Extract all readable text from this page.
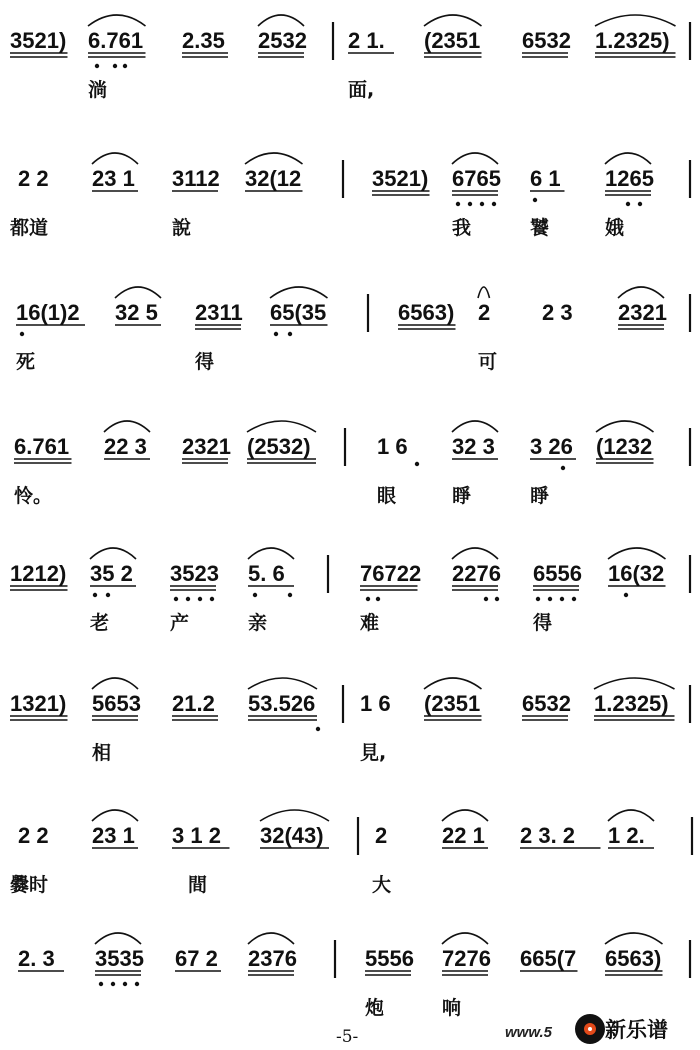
3521) 6.761 2.35 2532 2 1. (2351 6532 1.2325)
淌	面,
2 2 23 1 3112 32(12	3521) 6765 6 1 1265
都道	說	我	饕	娥
16(1)2 32 5 2311 65(35	6563) 2 2 3 2321
死	得	可
6.761 22 3 2321 (2532)	1 6 32 3 3 26 (1232
怜。	眼	睜	睜
1212) 35 2 3523 5. 6	76722 2276 6556 16(32
老	产	亲	难	得
1321) 5653 21.2 53.526 1 6 (2351 6532 1.2325)
相	見,
2 2 23 1 3 1 2 32(43) 2 22 1 2 3. 2 1 2.
爨时	間	大
2. 3 3535 67 2 2376	5556 7276 665(7 6563)
炮	响
-5-	www.5	新乐谱
